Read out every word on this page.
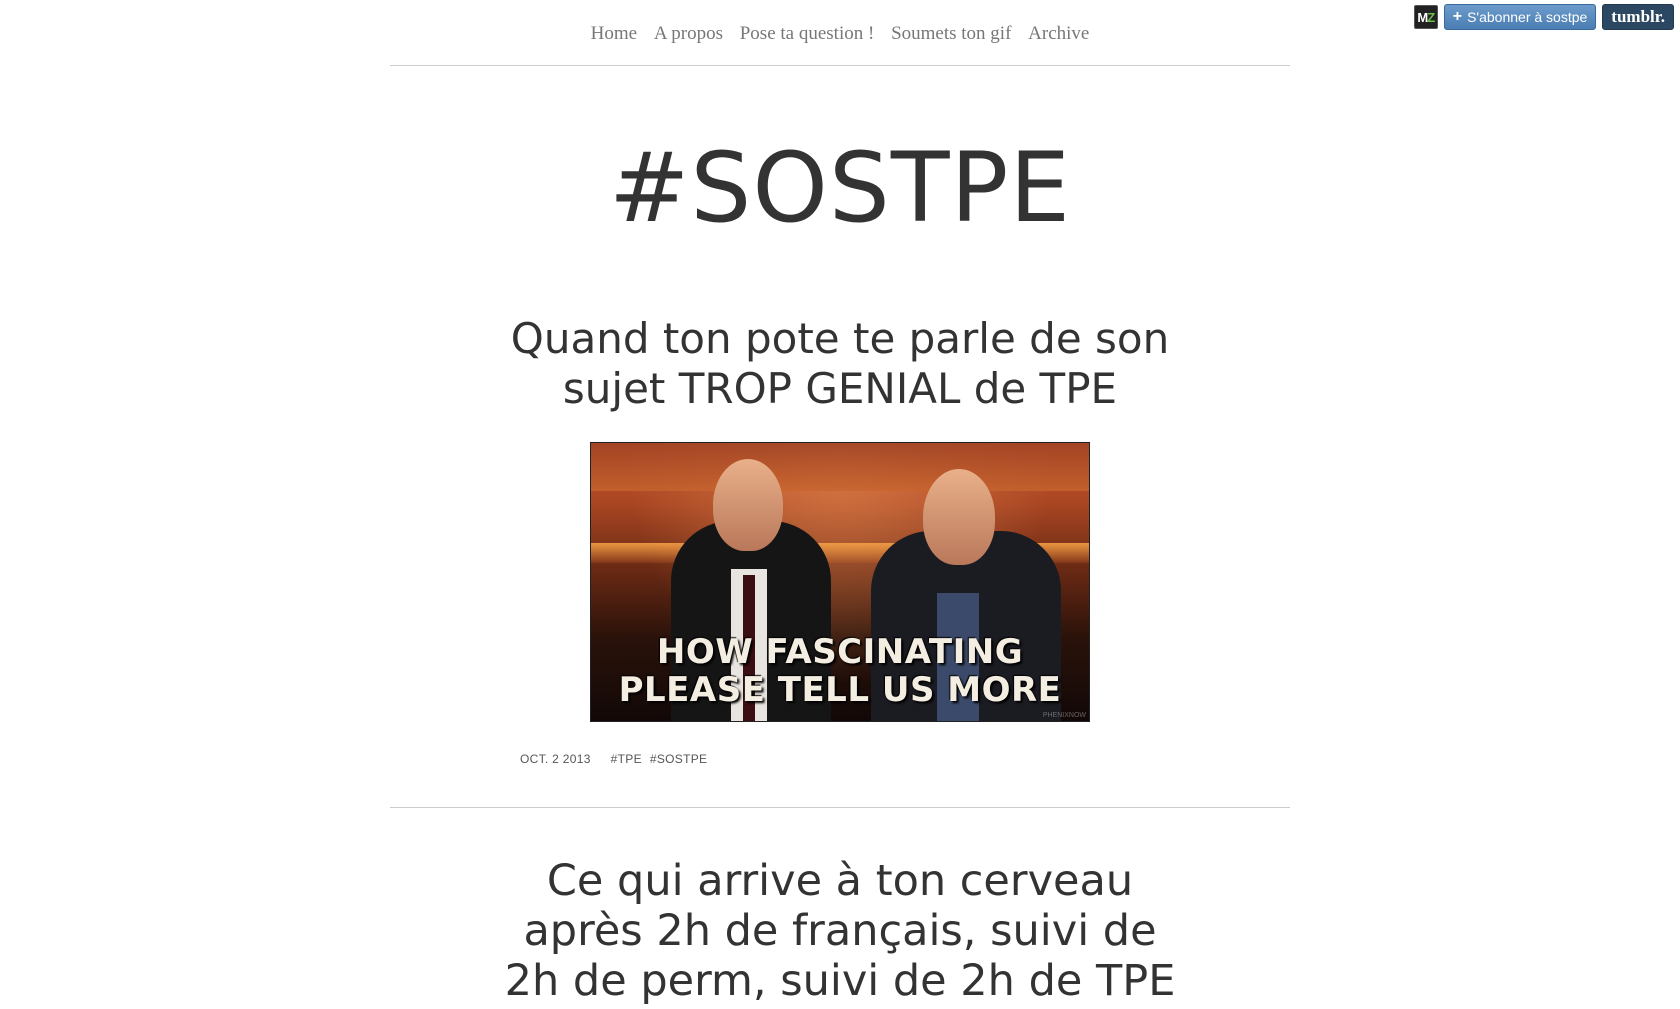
Home A propos Pose ta question ! Soumets ton gif Archive
MZ + S'abonner à sostpe	tumblr.
#SOSTPE
Quand ton pote te parle de son sujet TROP GENIAL de TPE
HOW FASCINATING
PLEASE TELL US MORE
PHENIXNOW
OCT. 2 2013 #TPE #SOSTPE
Ce qui arrive à ton cerveau après 2h de français, suivi de 2h de perm, suivi de 2h de TPE
